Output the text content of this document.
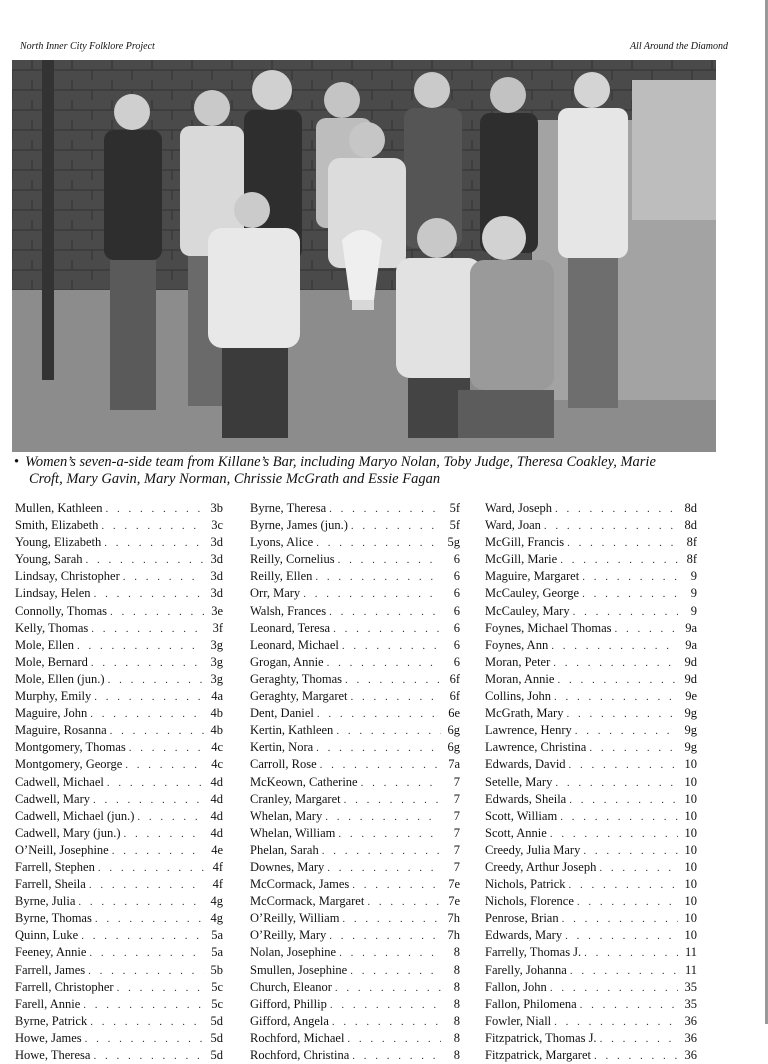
North Inner City Folklore Project	All Around the Diamond
• Women’s seven-a-side team from Killane’s Bar, including Maryo Nolan, Toby Judge, Theresa Coakley, Marie
Croft, Mary Gavin, Mary Norman, Chrissie McGrath and Essie Fagan
Mullen, Kathleen . . .	3b
Smith, Elizabeth . . .	3c
Young, Elizabeth . . .	3d
Young, Sarah . . .	3d
Lindsay, Christopher . . .	3d
Lindsay, Helen . . .	3d
Connolly, Thomas . . .	3e
Kelly, Thomas . . .	3f
Mole, Ellen . . .	3g
Mole, Bernard . . .	3g
Mole, Ellen (jun.) . . .	3g
Murphy, Emily . . .	4a
Maguire, John . . .	4b
Maguire, Rosanna . . .	4b
Montgomery, Thomas . . .	4c
Montgomery, George . . .	4c
Cadwell, Michael . . .	4d
Cadwell, Mary . . .	4d
Cadwell, Michael (jun.) . . .	4d
Cadwell, Mary (jun.) . . .	4d
O’Neill, Josephine . . .	4e
Farrell, Stephen . . .	4f
Farrell, Sheila . . .	4f
Byrne, Julia . . .	4g
Byrne, Thomas . . .	4g
Quinn, Luke . . .	5a
Feeney, Annie . . .	5a
Farrell, James . . .	5b
Farrell, Christopher . . .	5c
Farell, Annie . . .	5c
Byrne, Patrick . . .	5d
Howe, James . . .	5d
Howe, Theresa . . .	5d
Byrne, Theresa . . .	5f
Byrne, James (jun.) . . .	5f
Lyons, Alice . . .	5g
Reilly, Cornelius . . .	6
Reilly, Ellen . . .	6
Orr, Mary . . .	6
Walsh, Frances . . .	6
Leonard, Teresa . . .	6
Leonard, Michael . . .	6
Grogan, Annie . . .	6
Geraghty, Thomas . . .	6f
Geraghty, Margaret . . .	6f
Dent, Daniel . . .	6e
Kertin, Kathleen . . .	6g
Kertin, Nora . . .	6g
Carroll, Rose . . .	7a
McKeown, Catherine . . .	7
Cranley, Margaret . . .	7
Whelan, Mary . . .	7
Whelan, William . . .	7
Phelan, Sarah . . .	7
Downes, Mary . . .	7
McCormack, James . . .	7e
McCormack, Margaret . . .	7e
O’Reilly, William . . .	7h
O’Reilly, Mary . . .	7h
Nolan, Josephine . . .	8
Smullen, Josephine . . .	8
Church, Eleanor . . .	8
Gifford, Phillip . . .	8
Gifford, Angela . . .	8
Rochford, Michael . . .	8
Rochford, Christina . . .	8
Ward, Joseph . . .	8d
Ward, Joan . . .	8d
McGill, Francis . . .	8f
McGill, Marie . . .	8f
Maguire, Margaret . . .	9
McCauley, George . . .	9
McCauley, Mary . . .	9
Foynes, Michael Thomas . . .	9a
Foynes, Ann . . .	9a
Moran, Peter . . .	9d
Moran, Annie . . .	9d
Collins, John . . .	9e
McGrath, Mary . . .	9g
Lawrence, Henry . . .	9g
Lawrence, Christina . . .	9g
Edwards, David . . .	10
Setelle, Mary . . .	10
Edwards, Sheila . . .	10
Scott, William . . .	10
Scott, Annie . . .	10
Creedy, Julia Mary . . .	10
Creedy, Arthur Joseph . . .	10
Nichols, Patrick . . .	10
Nichols, Florence . . .	10
Penrose, Brian . . .	10
Edwards, Mary . . .	10
Farrelly, Thomas J. . . .	11
Farelly, Johanna . . .	11
Fallon, John . . .	35
Fallon, Philomena . . .	35
Fowler, Niall . . .	36
Fitzpatrick, Thomas J. . . .	36
Fitzpatrick, Margaret . . .	36
